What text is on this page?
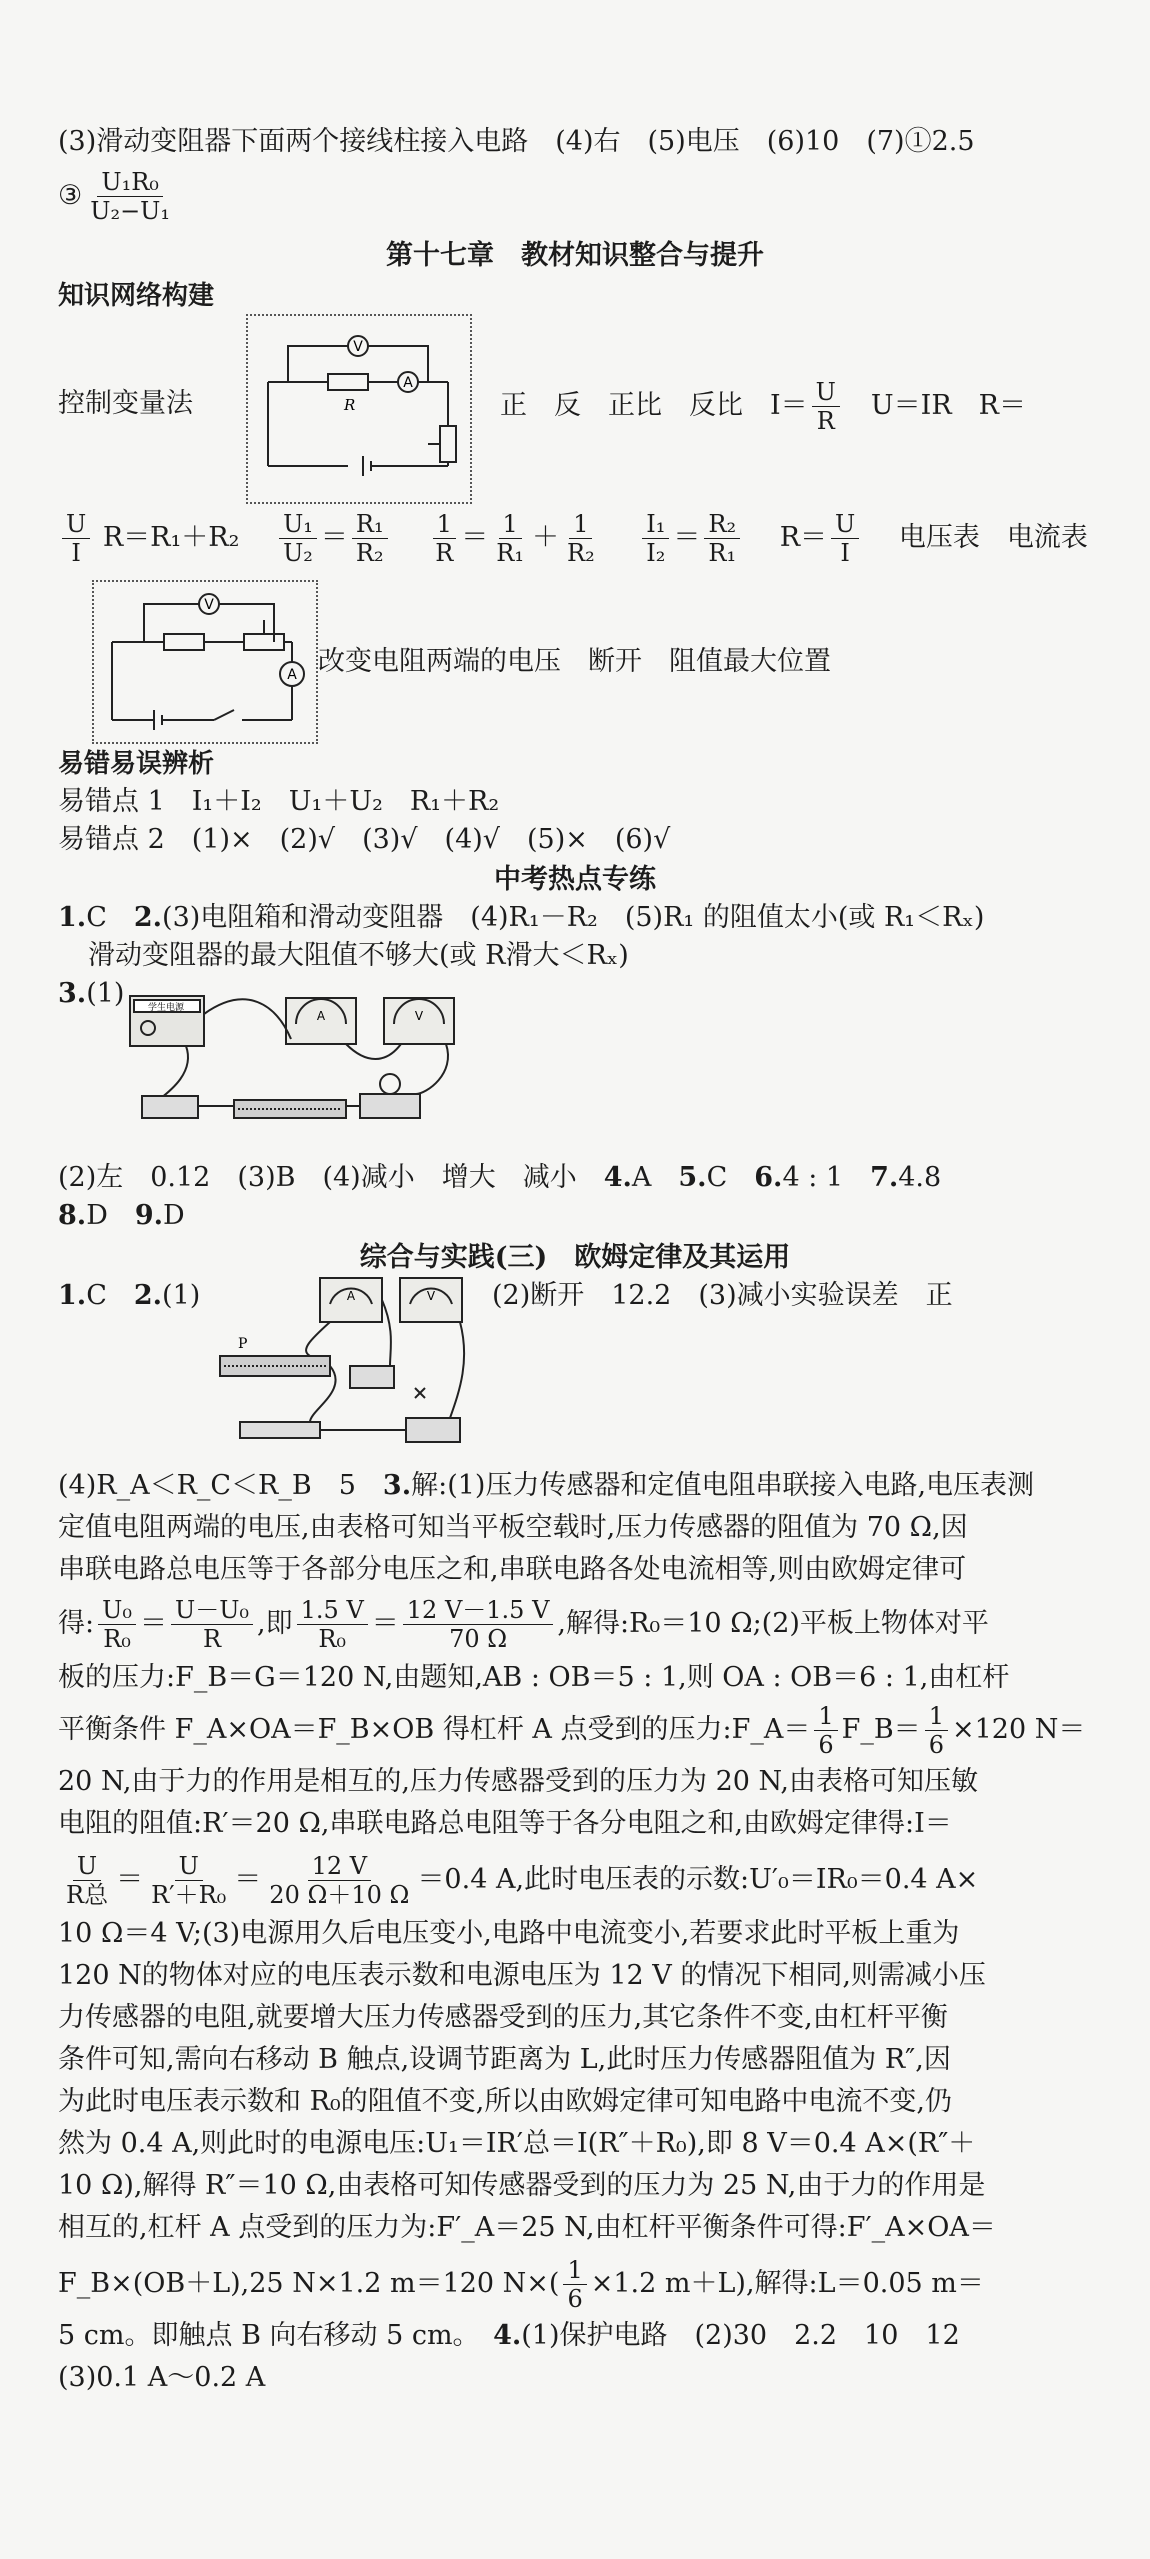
(3)滑动变阻器下面两个接线柱接入电路　(4)右　(5)电压　(6)10　(7)①2.5
③ $\frac{\text{U₁R₀}}{\text{U₂−U₁}}$
第十七章　教材知识整合与提升
知识网络构建
V
A
R
控制变量法	正　反　正比　反比　$I= \frac{U}{R}$
　 U＝IR　R＝
$\frac{U}{I} R=R_1+R_2$　 $\frac{\text{U₁}}{\text{U₂}} = \frac{\text{R₁}}{\text{R₂}}$
　 $\frac{1}{R} = \frac{1}{\text{R₁}} + \frac{1}{\text{R₂}}$
　 $\frac{\text{I₁}}{\text{I₂}} = \frac{\text{R₂}}{\text{R₁}}$
　 $R= \frac{U}{I}$
　 电压表　电流表
V
A 改变电阻两端的电压　断开　阻值最大位置
易错易误辨析
易错点 1　I₁＋I₂　U₁＋U₂　R₁＋R₂
易错点 2　(1)×　(2)√　(3)√　(4)√　(5)×　(6)√
中考热点专练
1.C　2.(3)电阻箱和滑动变阻器　(4)R₁－R₂　(5)R₁ 的阻值太小(或 R₁＜Rₓ)
滑动变阻器的最大阻值不够大(或 R滑大＜Rₓ)
3.(1)	学生电源
A	V
(2)左　0.12　(3)B　(4)减小　增大　减小　 4.A　5.C　6.4 : 1　7.4.8
8.D　9.D
综合与实践(三)　欧姆定律及其运用
1.C　2.(1)	(2)断开　12.2　(3)减小实验误差　正
P
A	V
(4)R_A＜R_C＜R_B　5　3.解:(1)压力传感器和定值电阻串联接入电路,电压表测
定值电阻两端的电压,由表格可知当平板空载时,压力传感器的阻值为 70 Ω,因
串联电路总电压等于各部分电压之和,串联电路各处电流相等,则由欧姆定律可
得: $\frac{\text{U₀}}{\text{R₀}} = \frac{\text{U－U₀}}{R}$ ,即 $\frac{1.5 V}{\text{R₀}} = \frac{12 V-1.5 V}{70 \Omega}$ ,解得:R₀＝10 Ω;(2)平板上物体对平
板的压力:F_B＝G＝120 N,由题知,AB : OB＝5 : 1,则 OA : OB＝6 : 1,由杠杆
平衡条件 F_A×OA＝F_B×OB 得杠杆 A 点受到的压力:F_A＝ $\frac{1}{6}$ F_B＝ $\frac{1}{6} \times 120$ N＝
20 N,由于力的作用是相互的,压力传感器受到的压力为 20 N,由表格可知压敏
电阻的阻值:R′＝20 Ω,串联电路总电阻等于各分电阻之和,由欧姆定律得:I＝
U
R总 ＝ $\frac{U}{\text{R′＋R₀}} = \frac{12 V}{20 \Omega+10 \Omega} =0.4$ A,此时电压表的示数:U′₀＝IR₀＝0.4 A×
10 Ω＝4 V;(3)电源用久后电压变小,电路中电流变小,若要求此时平板上重为
120 N的物体对应的电压表示数和电源电压为 12 V 的情况下相同,则需减小压
力传感器的电阻,就要增大压力传感器受到的压力,其它条件不变,由杠杆平衡
条件可知,需向右移动 B 触点,设调节距离为 L,此时压力传感器阻值为 R″,因
为此时电压表示数和 R₀的阻值不变,所以由欧姆定律可知电路中电流不变,仍
然为 0.4 A,则此时的电源电压:U₁＝IR′总＝I(R″＋R₀),即 8 V＝0.4 A×(R″＋
10 Ω),解得 R″＝10 Ω,由表格可知传感器受到的压力为 25 N,由于力的作用是
相互的,杠杆 A 点受到的压力为:F′_A＝25 N,由杠杆平衡条件可得:F′_A×OA＝
F_B×(OB＋L),25 N×1.2 m＝120 $N\times( \frac{1}{6} \times 1.2$ m＋L),解得:L＝0.05 m＝
5 cm。即触点 B 向右移动 5 cm。　4.(1)保护电路　(2)30　2.2　10　12
(3)0.1 A～0.2 A
